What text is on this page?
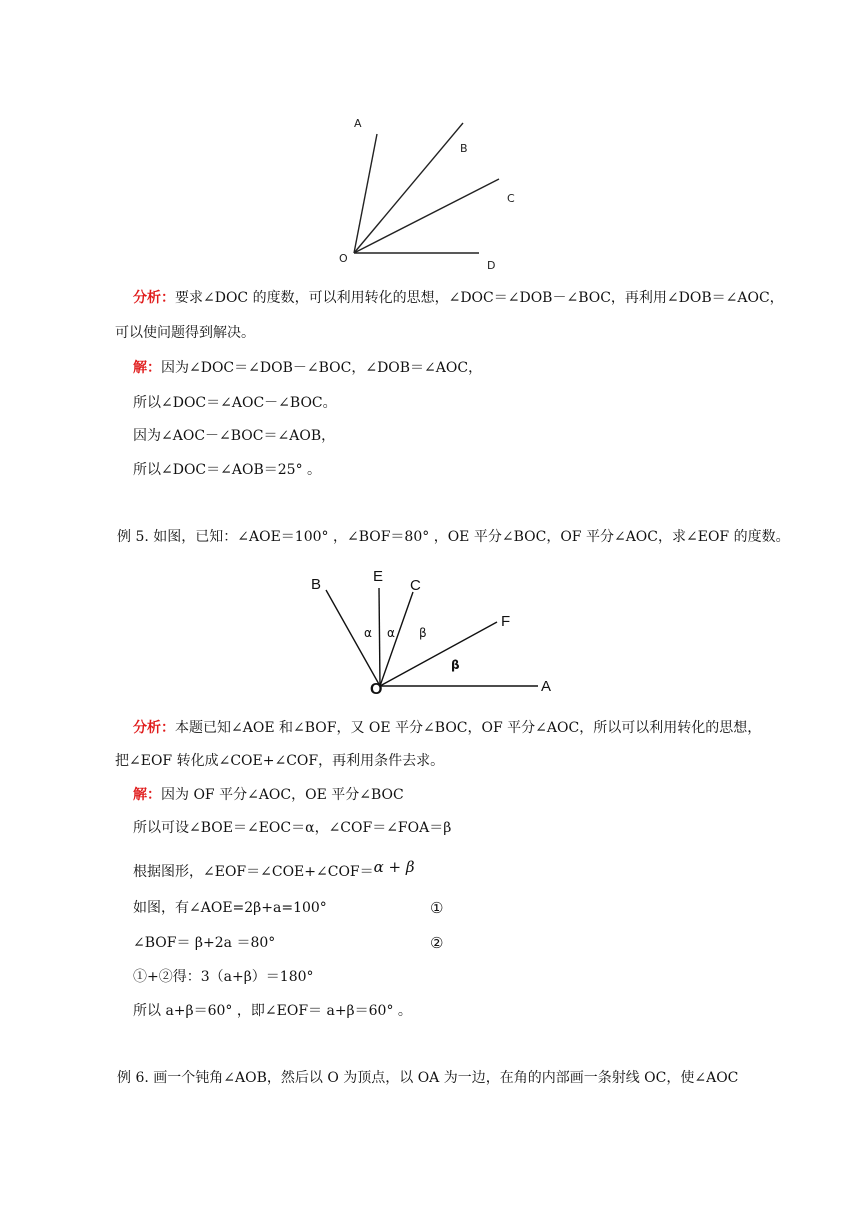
A
B
C
O
D
分析：要求∠DOC 的度数，可以利用转化的思想，∠DOC＝∠DOB－∠BOC，再利用∠DOB＝∠AOC，
可以使问题得到解决。
解：因为∠DOC＝∠DOB－∠BOC，∠DOB＝∠AOC，
所以∠DOC＝∠AOC－∠BOC。
因为∠AOC－∠BOC＝∠AOB，
所以∠DOC＝∠AOB＝25° 。
例 5. 如图，已知：∠AOE＝100° ，∠BOF＝80° ，OE 平分∠BOC，OF 平分∠AOC，求∠EOF 的度数。
B	E
C
F
O	A
α α β
β
分析：本题已知∠AOE 和∠BOF，又 OE 平分∠BOC，OF 平分∠AOC，所以可以利用转化的思想，
把∠EOF 转化成∠COE+∠COF，再利用条件去求。
解：因为 OF 平分∠AOC，OE 平分∠BOC
所以可设∠BOE＝∠EOC＝α，∠COF＝∠FOA＝β
根据图形，∠EOF＝∠COE+∠COF＝α + β
如图，有∠AOE=2β+a=100°	①
∠BOF＝ β+2a ＝80°	②
①+②得：3（a+β）＝180°
所以 a+β＝60° ，即∠EOF＝ a+β＝60° 。
例 6. 画一个钝角∠AOB，然后以 O 为顶点，以 OA 为一边，在角的内部画一条射线 OC，使∠AOC
